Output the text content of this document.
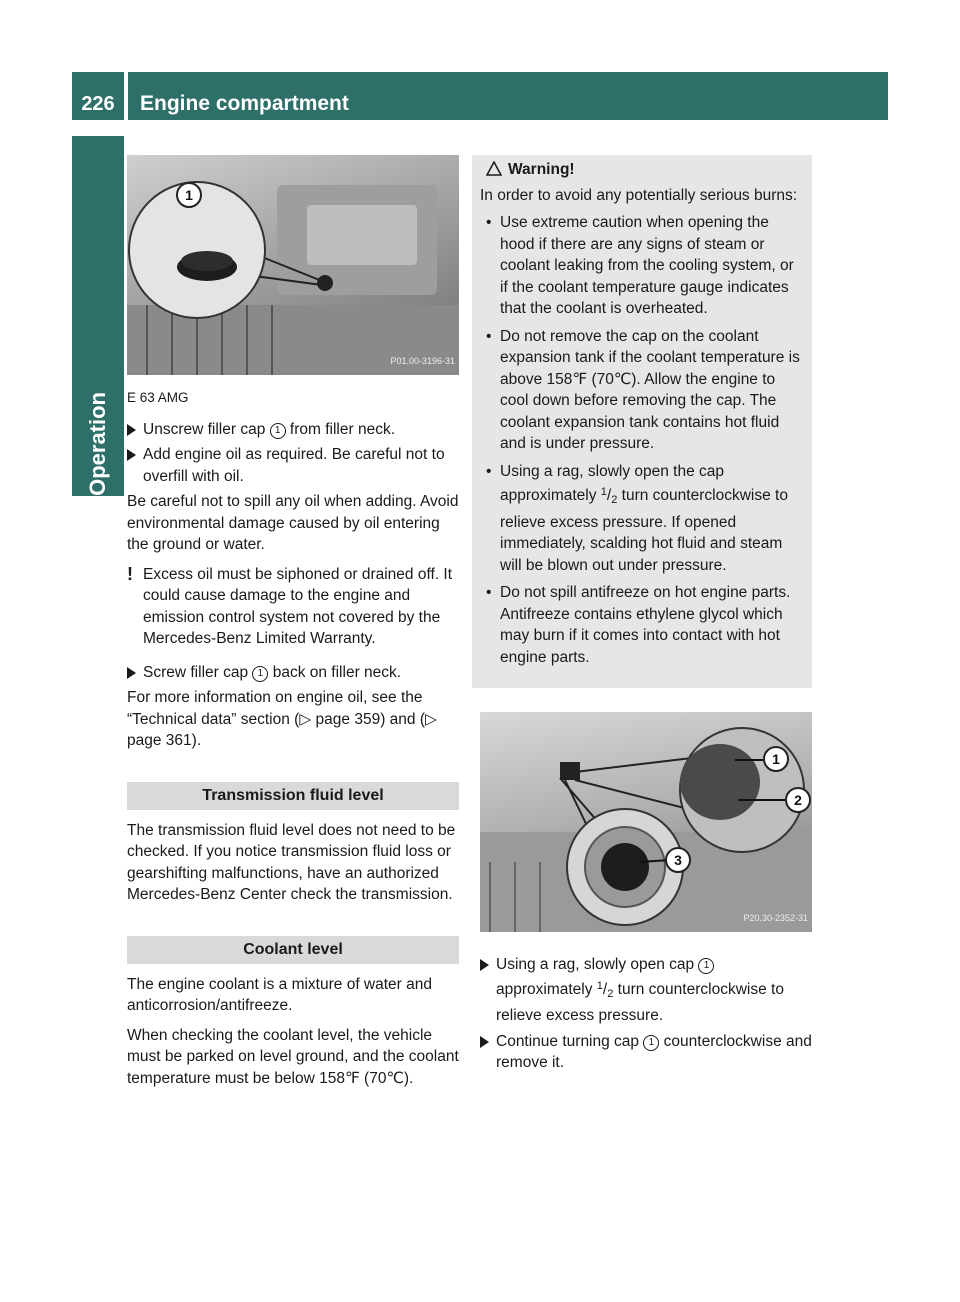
226	Engine compartment
Operation
1
P01.00-3196-31
E 63 AMG
Unscrew filler cap 1 from filler neck.
Add engine oil as required. Be careful not to overfill with oil.

Be careful not to spill any oil when adding. Avoid environmental damage caused by oil entering the ground or water.

! Excess oil must be siphoned or drained off. It could cause damage to the engine and emission control system not covered by the Mercedes-Benz Limited Warranty.
Screw filler cap 1 back on filler neck.

For more information on engine oil, see the “Technical data” section (▷ page 359) and (▷ page 361).

Transmission fluid level

The transmission fluid level does not need to be checked. If you notice transmission fluid loss or gearshifting malfunctions, have an authorized Mercedes-Benz Center check the transmission.

Coolant level

The engine coolant is a mixture of water and anticorrosion/antifreeze.

When checking the coolant level, the vehicle must be parked on level ground, and the coolant temperature must be below 158℉ (70℃).

Warning!
In order to avoid any potentially serious burns:
• Use extreme caution when opening the hood if there are any signs of steam or coolant leaking from the cooling system, or if the coolant temperature gauge indicates that the coolant is overheated.
• Do not remove the cap on the coolant expansion tank if the coolant temperature is above 158℉ (70℃). Allow the engine to cool down before removing the cap. The coolant expansion tank contains hot fluid and is under pressure.
• Using a rag, slowly open the cap approximately $^1$/2 turn counterclockwise to relieve excess pressure. If opened immediately, scalding hot fluid and steam will be blown out under pressure.
• Do not spill antifreeze on hot engine parts. Antifreeze contains ethylene glycol which may burn if it comes into contact with hot engine parts.
1
2
3
P20.30-2352-31
Using a rag, slowly open cap 1 approximately $^1$/2 turn counterclockwise to relieve excess pressure.
Continue turning cap 1 counterclockwise and remove it.
